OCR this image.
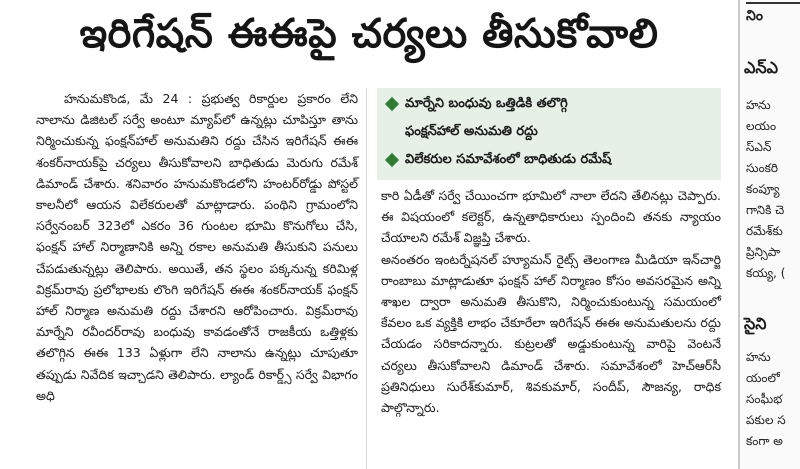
ఇరిగేషన్ ఈఈపై చర్యలు తీసుకోవాలి

హనుమకొండ, మే 24 : ప్రభుత్వ రికార్డుల ప్రకారం లేని నాలాను డిజిటల్ సర్వే అంటూ మ్యాప్‌లో ఉన్నట్లు చూపిస్తూ తాను నిర్మించుకున్న ఫంక్షన్‌హాల్ అనుమతిని రద్దు చేసిన ఇరిగేషన్ ఈఈ శంకర్‌నాయక్‌పై చర్యలు తీసుకోవాలని బాధితుడు మెరుగు రమేశ్ డిమాండ్ చేశారు. శనివారం హనుమకొండలోని హంటర్‌రోడ్డు పోస్టల్ కాలనీలో ఆయన విలేకరులతో మాట్లాడారు. పంథిని గ్రామంలోని సర్వేనంబర్ 323లో ఎకరం 36 గుంటల భూమి కొనుగోలు చేసి, ఫంక్షన్ హాల్ నిర్మాణానికి అన్ని రకాల అనుమతి తీసుకుని పనులు చేపడుతున్నట్లు తెలిపారు. అయితే, తన స్థలం పక్కనున్న కరిమిళ్ల విక్రమ్‌రావు ప్రలోభాలకు లొంగి ఇరిగేషన్ ఈఈ శంకర్‌నాయక్ ఫంక్షన్ హాల్ నిర్మాణ అనుమతి రద్దు చేశారని ఆరోపించారు. విక్రమ్‌రావు మార్నేని రవీందర్‌రావు బంధువు కావడంతోనే రాజకీయ ఒత్తిళ్లకు తలొగ్గిన ఈఈ 133 ఏళ్లుగా లేని నాలాను ఉన్నట్లు చూపుతూ తప్పుడు నివేదిక ఇచ్చాడని తెలిపారు. ల్యాండ్ రికార్డ్స్ సర్వే విభాగం అధి

మార్నేని బంధువు ఒత్తిడికి తలొగ్గి
ఫంక్షన్‌హాల్ అనుమతి రద్దు
విలేకరుల సమావేశంలో బాధితుడు రమేష్

కారి ఏడీతో సర్వే చేయించగా భూమిలో నాలా లేదని తేలినట్లు చెప్పారు. ఈ విషయంలో కలెక్టర్, ఉన్నతాధికారులు స్పందించి తనకు న్యాయం చేయాలని రమేశ్ విజ్ఞప్తి చేశారు.

అనంతరం ఇంటర్నేషనల్ హ్యూమన్ రైట్స్ తెలంగాణ మీడియా ఇన్‌చార్జి రాంబాబు మాట్లాడుతూ ఫంక్షన్ హాల్ నిర్మాణం కోసం అవసరమైన అన్ని శాఖల ద్వారా అనుమతి తీసుకొని, నిర్మించుకుంటున్న సమయంలో కేవలం ఒక వ్యక్తికి లాభం చేకూరేలా ఇరిగేషన్ ఈఈ అనుమతులను రద్దు చేయడం సరికాదన్నారు. కుట్రలతో అడ్డుకుంటున్న వారిపై వెంటనే చర్యలు తీసుకోవాలని డిమాండ్ చేశారు. సమావేశంలో హెచ్‌ఆర్‌సీ ప్రతినిధులు సురేశ్‌కుమార్, శివకుమార్, సందీప్, సౌజన్య, రాధిక పాల్గొన్నారు.

నిం
ఎన్‌ఎ
హను
లయం
స్‌ఎన్
సుంకరి
కంప్యూ
గానికి చె
రమేశ్‌కు
ప్రిన్సిపా
కయ్య, (
సైని
హను
యంలో
సంఘీభ
పకుల స
కంగా అ
